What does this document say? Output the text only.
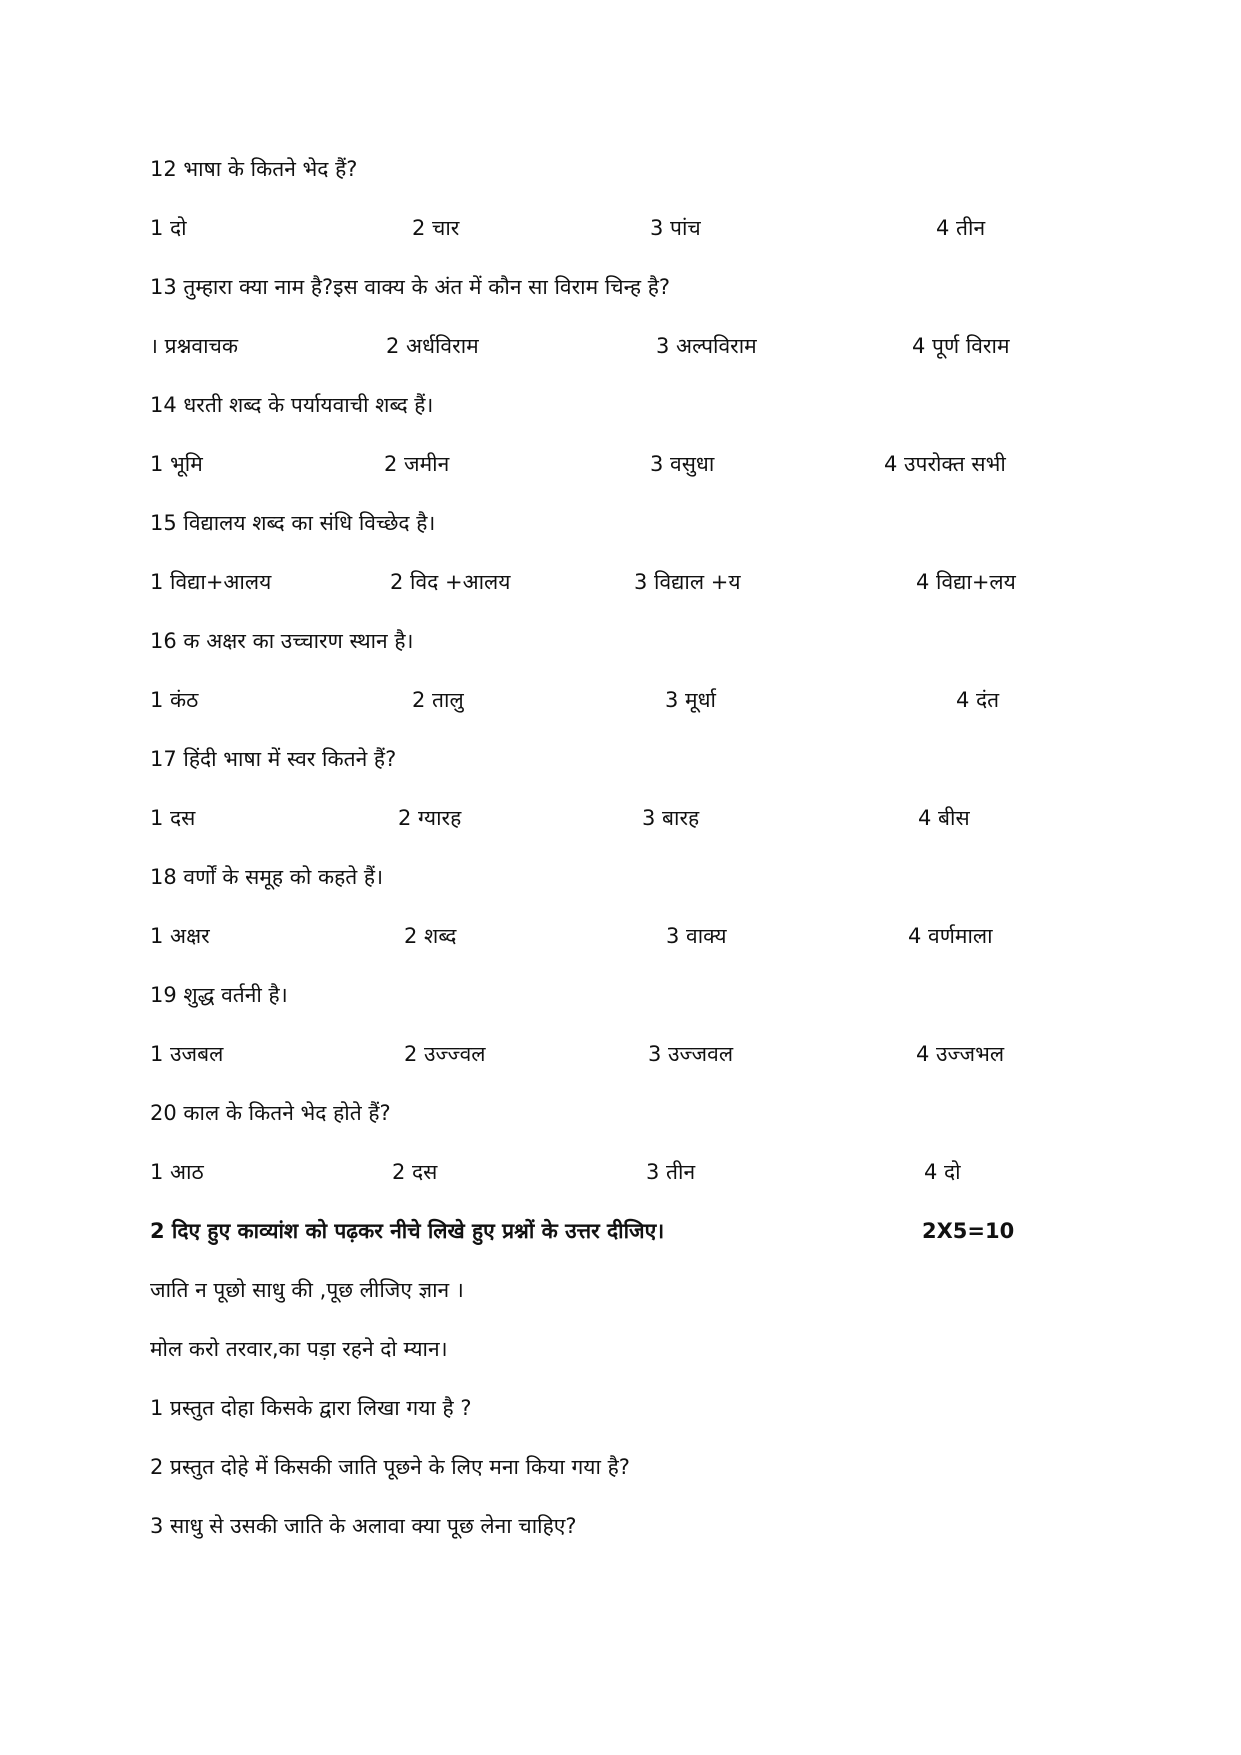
12 भाषा के कितने भेद हैं?
1 दो	2 चार	3 पांच	4 तीन
13 तुम्हारा क्या नाम है?इस वाक्य के अंत में कौन सा विराम चिन्ह है?
। प्रश्नवाचक	2 अर्धविराम	3 अल्पविराम	4 पूर्ण विराम
14 धरती शब्द के पर्यायवाची शब्द हैं।
1 भूमि	2 जमीन	3 वसुधा	4 उपरोक्त सभी
15 विद्यालय शब्द का संधि विच्छेद है।
1 विद्या+आलय	2 विद +आलय	3 विद्याल +य	4 विद्या+लय
16 क अक्षर का उच्चारण स्थान है।
1 कंठ	2 तालु	3 मूर्धा	4 दंत
17 हिंदी भाषा में स्वर कितने हैं?
1 दस	2 ग्यारह	3 बारह	4 बीस
18 वर्णों के समूह को कहते हैं।
1 अक्षर	2 शब्द	3 वाक्य	4 वर्णमाला
19 शुद्ध वर्तनी है।
1 उजबल	2 उज्ज्वल	3 उज्जवल	4 उज्जभल
20 काल के कितने भेद होते हैं?
1 आठ	2 दस	3 तीन	4 दो
2 दिए हुए काव्यांश को पढ़कर नीचे लिखे हुए प्रश्नों के उत्तर दीजिए।	2X5=10
जाति न पूछो साधु की ,पूछ लीजिए ज्ञान ।
मोल करो तरवार,का पड़ा रहने दो म्यान।
1 प्रस्तुत दोहा किसके द्वारा लिखा गया है ?
2 प्रस्तुत दोहे में किसकी जाति पूछने के लिए मना किया गया है?
3 साधु से उसकी जाति के अलावा क्या पूछ लेना चाहिए?
